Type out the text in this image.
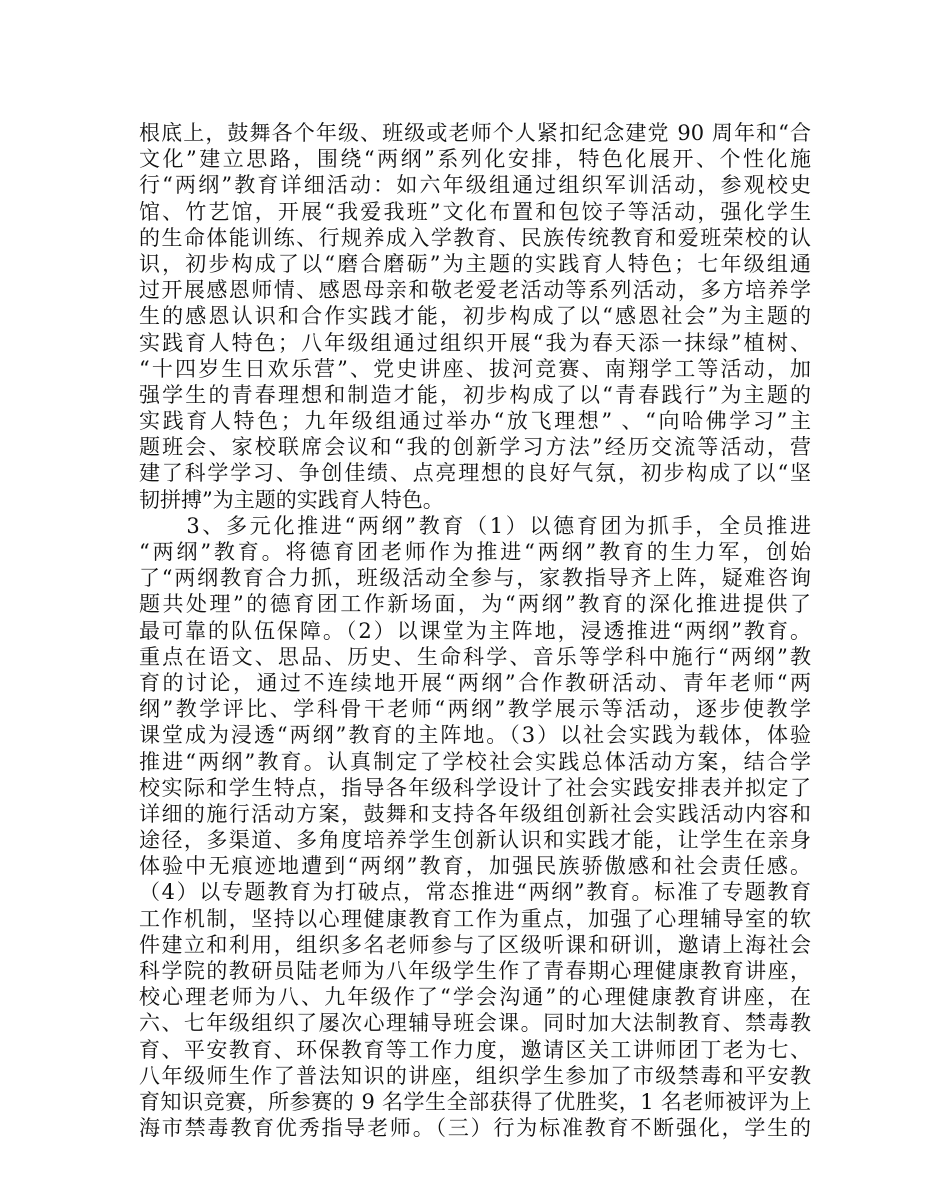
根底上，鼓舞各个年级、班级或老师个人紧扣纪念建党 90 周年和“合
文化”建立思路，围绕“两纲”系列化安排，特色化展开、个性化施
行“两纲”教育详细活动：如六年级组通过组织军训活动，参观校史
馆、竹艺馆，开展“我爱我班”文化布置和包饺子等活动，强化学生
的生命体能训练、行规养成入学教育、民族传统教育和爱班荣校的认
识，初步构成了以“磨合磨砺”为主题的实践育人特色；七年级组通
过开展感恩师情、感恩母亲和敬老爱老活动等系列活动，多方培养学
生的感恩认识和合作实践才能，初步构成了以“感恩社会”为主题的
实践育人特色；八年级组通过组织开展“我为春天添一抹绿”植树、
“十四岁生日欢乐营”、党史讲座、拔河竞赛、南翔学工等活动，加
强学生的青春理想和制造才能，初步构成了以“青春践行”为主题的
实践育人特色；九年级组通过举办“放飞理想” 、“向哈佛学习”主
题班会、家校联席会议和“我的创新学习方法”经历交流等活动，营
建了科学学习、争创佳绩、点亮理想的良好气氛，初步构成了以“坚
韧拼搏”为主题的实践育人特色。
　　3、多元化推进“两纲”教育（1）以德育团为抓手，全员推进
“两纲”教育。将德育团老师作为推进“两纲”教育的生力军，创始
了“两纲教育合力抓，班级活动全参与，家教指导齐上阵，疑难咨询
题共处理”的德育团工作新场面，为“两纲”教育的深化推进提供了
最可靠的队伍保障。（2）以课堂为主阵地，浸透推进“两纲”教育。
重点在语文、思品、历史、生命科学、音乐等学科中施行“两纲”教
育的讨论，通过不连续地开展“两纲”合作教研活动、青年老师“两
纲”教学评比、学科骨干老师“两纲”教学展示等活动，逐步使教学
课堂成为浸透“两纲”教育的主阵地。（3）以社会实践为载体，体验
推进“两纲”教育。认真制定了学校社会实践总体活动方案，结合学
校实际和学生特点，指导各年级科学设计了社会实践安排表并拟定了
详细的施行活动方案，鼓舞和支持各年级组创新社会实践活动内容和
途径，多渠道、多角度培养学生创新认识和实践才能，让学生在亲身
体验中无痕迹地遭到“两纲”教育，加强民族骄傲感和社会责任感。
（4）以专题教育为打破点，常态推进“两纲”教育。标准了专题教育
工作机制，坚持以心理健康教育工作为重点，加强了心理辅导室的软
件建立和利用，组织多名老师参与了区级听课和研训，邀请上海社会
科学院的教研员陆老师为八年级学生作了青春期心理健康教育讲座，
校心理老师为八、九年级作了“学会沟通”的心理健康教育讲座，在
六、七年级组织了屡次心理辅导班会课。同时加大法制教育、禁毒教
育、平安教育、环保教育等工作力度，邀请区关工讲师团丁老为七、
八年级师生作了普法知识的讲座，组织学生参加了市级禁毒和平安教
育知识竞赛，所参赛的 9 名学生全部获得了优胜奖，1 名老师被评为上
海市禁毒教育优秀指导老师。（三）行为标准教育不断强化，学生的
